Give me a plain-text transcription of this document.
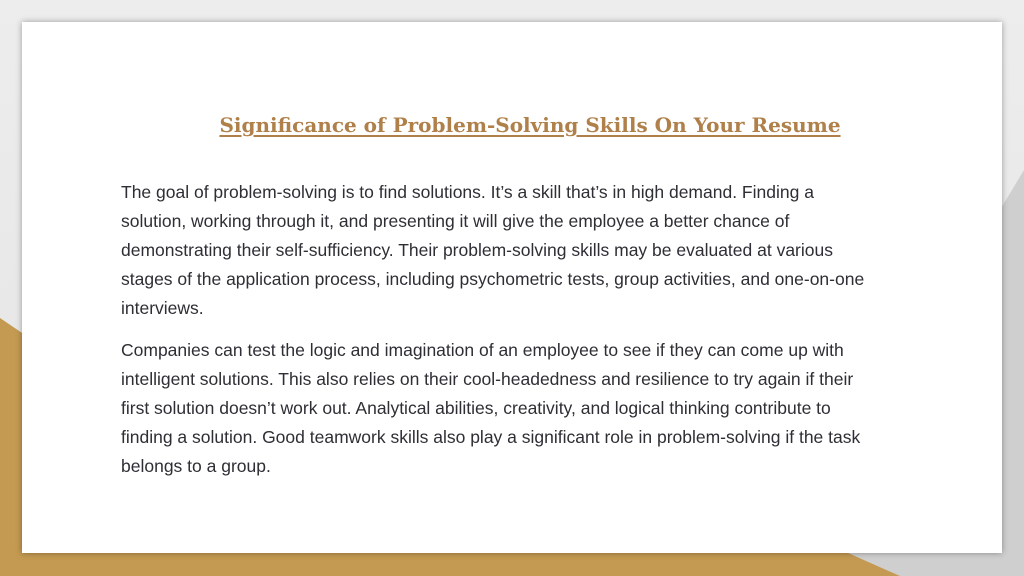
Significance of Problem-Solving Skills On Your Resume

The goal of problem-solving is to find solutions. It’s a skill that’s in high demand. Finding a solution, working through it, and presenting it will give the employee a better chance of demonstrating their self-sufficiency. Their problem-solving skills may be evaluated at various stages of the application process, including psychometric tests, group activities, and one-on-one interviews.

Companies can test the logic and imagination of an employee to see if they can come up with intelligent solutions. This also relies on their cool-headedness and resilience to try again if their first solution doesn’t work out. Analytical abilities, creativity, and logical thinking contribute to finding a solution. Good teamwork skills also play a significant role in problem-solving if the task belongs to a group.
